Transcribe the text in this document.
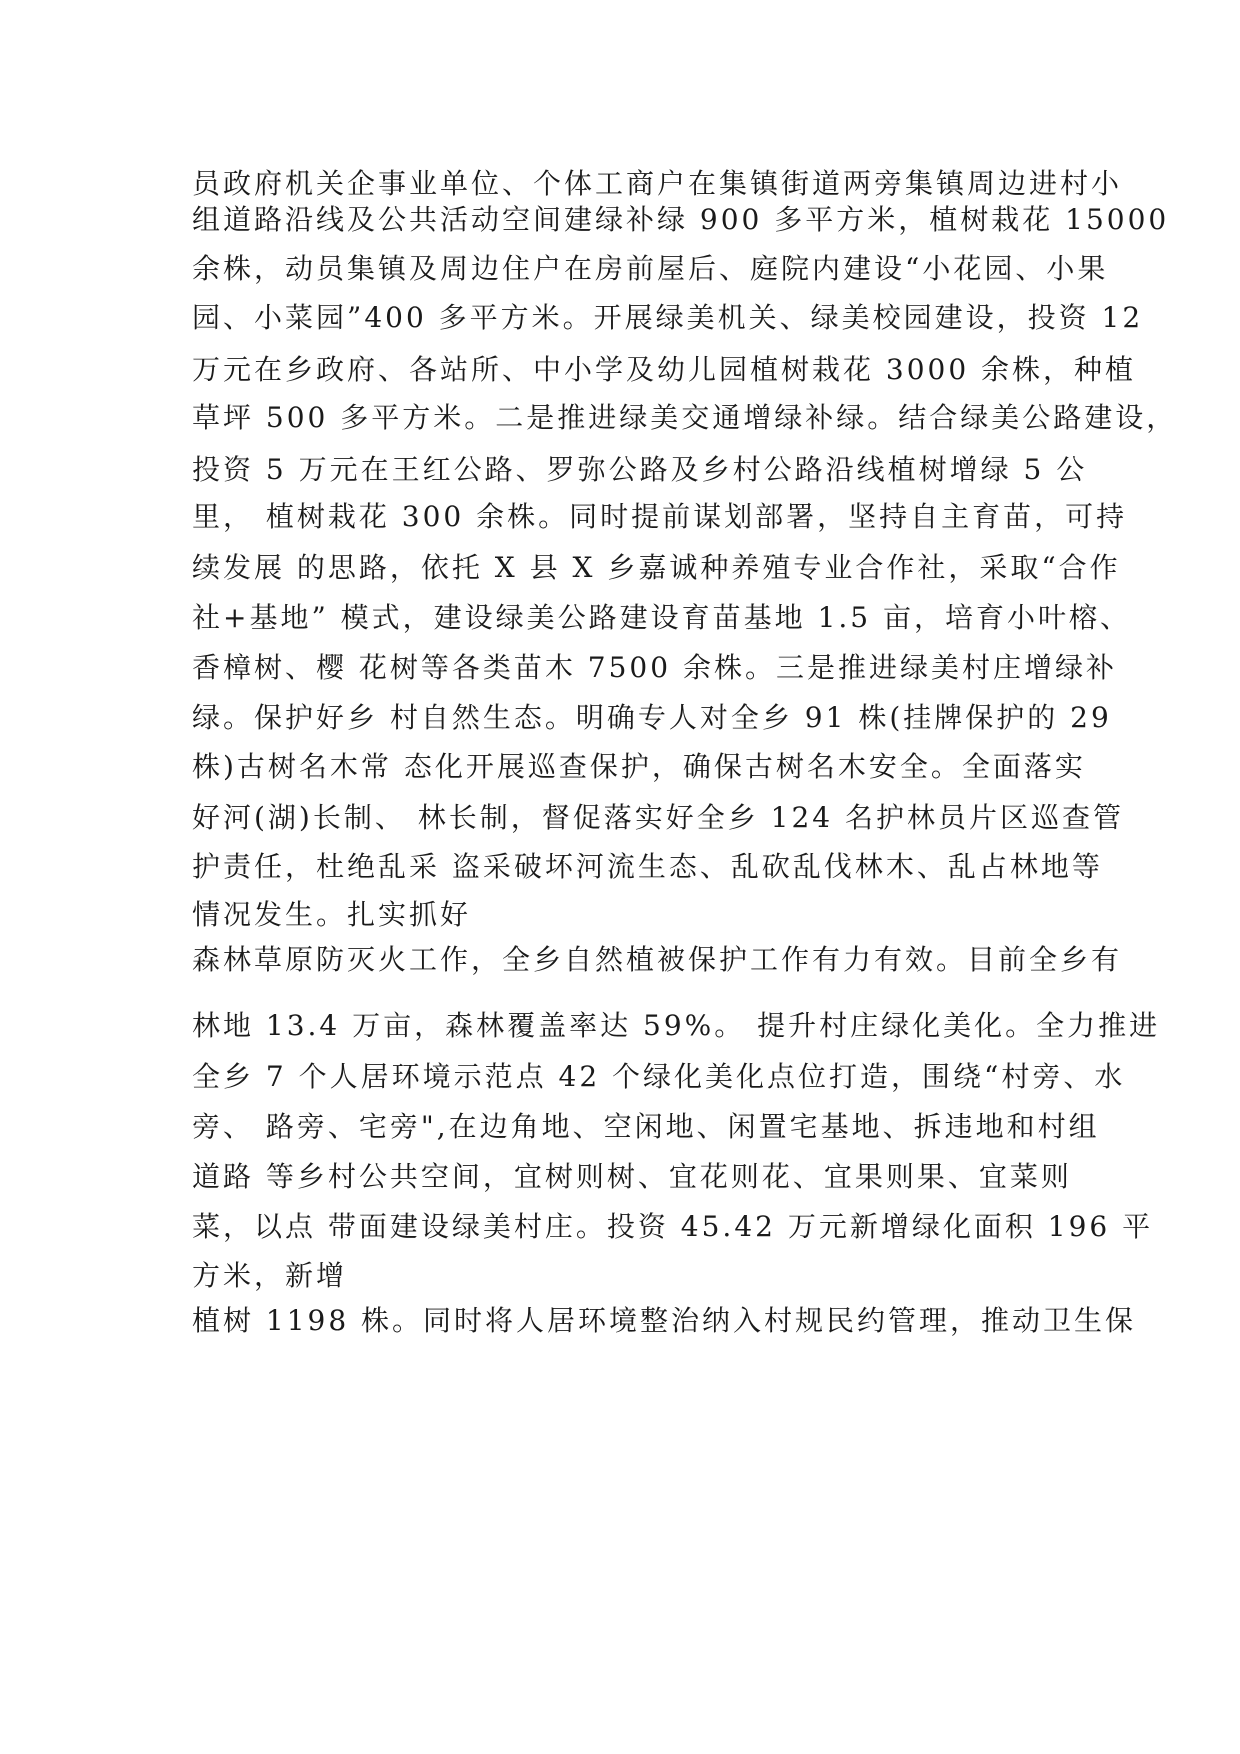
员政府机关企事业单位、个体工商户在集镇街道两旁集镇周边进村小
组道路沿线及公共活动空间建绿补绿 900 多平方米，植树栽花 15000
余株，动员集镇及周边住户在房前屋后、庭院内建设“小花园、小果
园、小菜园”400 多平方米。开展绿美机关、绿美校园建设，投资 12
万元在乡政府、各站所、中小学及幼儿园植树栽花 3000 余株，种植
草坪 500 多平方米。二是推进绿美交通增绿补绿。结合绿美公路建设，
投资 5 万元在王红公路、罗弥公路及乡村公路沿线植树增绿 5 公
里， 植树栽花 300 余株。同时提前谋划部署，坚持自主育苗，可持
续发展 的思路，依托 X 县 X 乡嘉诚种养殖专业合作社，采取“合作
社+基地” 模式，建设绿美公路建设育苗基地 1.5 亩，培育小叶榕、
香樟树、樱 花树等各类苗木 7500 余株。三是推进绿美村庄增绿补
绿。保护好乡 村自然生态。明确专人对全乡 91 株(挂牌保护的 29
株)古树名木常 态化开展巡查保护，确保古树名木安全。全面落实
好河(湖)长制、 林长制，督促落实好全乡 124 名护林员片区巡查管
护责任，杜绝乱采 盗采破坏河流生态、乱砍乱伐林木、乱占林地等
情况发生。扎实抓好
森林草原防灭火工作，全乡自然植被保护工作有力有效。目前全乡有
林地 13.4 万亩，森林覆盖率达 59%。 提升村庄绿化美化。全力推进
全乡 7 个人居环境示范点 42 个绿化美化点位打造，围绕“村旁、水
旁、 路旁、宅旁",在边角地、空闲地、闲置宅基地、拆违地和村组
道路 等乡村公共空间，宜树则树、宜花则花、宜果则果、宜菜则
菜，以点 带面建设绿美村庄。投资 45.42 万元新增绿化面积 196 平
方米，新增
植树 1198 株。同时将人居环境整治纳入村规民约管理，推动卫生保
